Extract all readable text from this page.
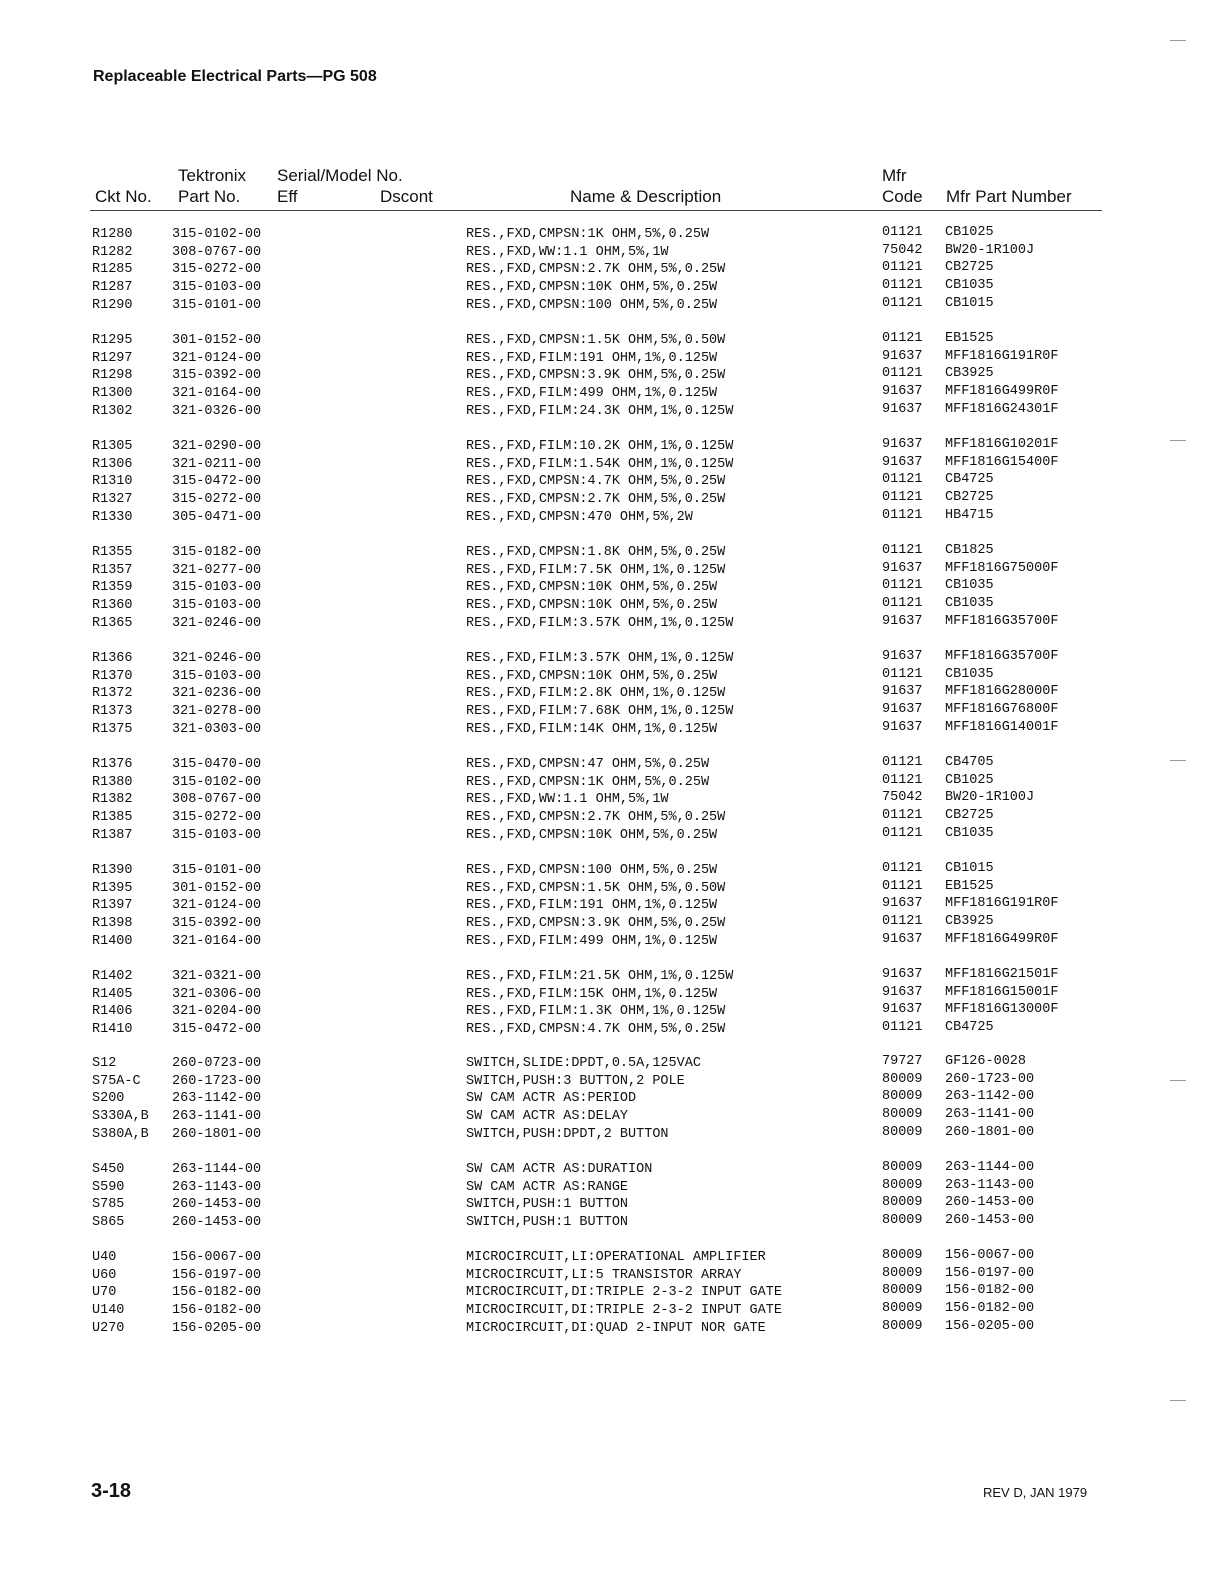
Replaceable Electrical Parts—PG 508
Tektronix Serial/Model No.	Mfr
Ckt No. Part No. Eff	Dscont	Name & Description	Code Mfr Part Number
R1280	315-0102-00	RES.,FXD,CMPSN:1K OHM,5%,0.25W	01121 CB1025
R1282	308-0767-00	RES.,FXD,WW:1.1 OHM,5%,1W	75042 BW20-1R100J
R1285	315-0272-00	RES.,FXD,CMPSN:2.7K OHM,5%,0.25W	01121 CB2725
R1287	315-0103-00	RES.,FXD,CMPSN:10K OHM,5%,0.25W	01121 CB1035
R1290	315-0101-00	RES.,FXD,CMPSN:100 OHM,5%,0.25W	01121 CB1015
R1295	301-0152-00	RES.,FXD,CMPSN:1.5K OHM,5%,0.50W	01121 EB1525
R1297	321-0124-00	RES.,FXD,FILM:191 OHM,1%,0.125W	91637 MFF1816G191R0F
R1298	315-0392-00	RES.,FXD,CMPSN:3.9K OHM,5%,0.25W	01121 CB3925
R1300	321-0164-00	RES.,FXD,FILM:499 OHM,1%,0.125W	91637 MFF1816G499R0F
R1302	321-0326-00	RES.,FXD,FILM:24.3K OHM,1%,0.125W	91637 MFF1816G24301F
R1305	321-0290-00	RES.,FXD,FILM:10.2K OHM,1%,0.125W	91637 MFF1816G10201F
R1306	321-0211-00	RES.,FXD,FILM:1.54K OHM,1%,0.125W	91637 MFF1816G15400F
R1310	315-0472-00	RES.,FXD,CMPSN:4.7K OHM,5%,0.25W	01121 CB4725
R1327	315-0272-00	RES.,FXD,CMPSN:2.7K OHM,5%,0.25W	01121 CB2725
R1330	305-0471-00	RES.,FXD,CMPSN:470 OHM,5%,2W	01121 HB4715
R1355	315-0182-00	RES.,FXD,CMPSN:1.8K OHM,5%,0.25W	01121 CB1825
R1357	321-0277-00	RES.,FXD,FILM:7.5K OHM,1%,0.125W	91637 MFF1816G75000F
R1359	315-0103-00	RES.,FXD,CMPSN:10K OHM,5%,0.25W	01121 CB1035
R1360	315-0103-00	RES.,FXD,CMPSN:10K OHM,5%,0.25W	01121 CB1035
R1365	321-0246-00	RES.,FXD,FILM:3.57K OHM,1%,0.125W	91637 MFF1816G35700F
R1366	321-0246-00	RES.,FXD,FILM:3.57K OHM,1%,0.125W	91637 MFF1816G35700F
R1370	315-0103-00	RES.,FXD,CMPSN:10K OHM,5%,0.25W	01121 CB1035
R1372	321-0236-00	RES.,FXD,FILM:2.8K OHM,1%,0.125W	91637 MFF1816G28000F
R1373	321-0278-00	RES.,FXD,FILM:7.68K OHM,1%,0.125W	91637 MFF1816G76800F
R1375	321-0303-00	RES.,FXD,FILM:14K OHM,1%,0.125W	91637 MFF1816G14001F
R1376	315-0470-00	RES.,FXD,CMPSN:47 OHM,5%,0.25W	01121 CB4705
R1380	315-0102-00	RES.,FXD,CMPSN:1K OHM,5%,0.25W	01121 CB1025
R1382	308-0767-00	RES.,FXD,WW:1.1 OHM,5%,1W	75042 BW20-1R100J
R1385	315-0272-00	RES.,FXD,CMPSN:2.7K OHM,5%,0.25W	01121 CB2725
R1387	315-0103-00	RES.,FXD,CMPSN:10K OHM,5%,0.25W	01121 CB1035
R1390	315-0101-00	RES.,FXD,CMPSN:100 OHM,5%,0.25W	01121 CB1015
R1395	301-0152-00	RES.,FXD,CMPSN:1.5K OHM,5%,0.50W	01121 EB1525
R1397	321-0124-00	RES.,FXD,FILM:191 OHM,1%,0.125W	91637 MFF1816G191R0F
R1398	315-0392-00	RES.,FXD,CMPSN:3.9K OHM,5%,0.25W	01121 CB3925
R1400	321-0164-00	RES.,FXD,FILM:499 OHM,1%,0.125W	91637 MFF1816G499R0F
R1402	321-0321-00	RES.,FXD,FILM:21.5K OHM,1%,0.125W	91637 MFF1816G21501F
R1405	321-0306-00	RES.,FXD,FILM:15K OHM,1%,0.125W	91637 MFF1816G15001F
R1406	321-0204-00	RES.,FXD,FILM:1.3K OHM,1%,0.125W	91637 MFF1816G13000F
R1410	315-0472-00	RES.,FXD,CMPSN:4.7K OHM,5%,0.25W	01121 CB4725
S12	260-0723-00	SWITCH,SLIDE:DPDT,0.5A,125VAC	79727 GF126-0028
S75A-C 260-1723-00	SWITCH,PUSH:3 BUTTON,2 POLE	80009 260-1723-00
S200	263-1142-00	SW CAM ACTR AS:PERIOD	80009 263-1142-00
S330A,B 263-1141-00	SW CAM ACTR AS:DELAY	80009 263-1141-00
S380A,B 260-1801-00	SWITCH,PUSH:DPDT,2 BUTTON	80009 260-1801-00
S450	263-1144-00	SW CAM ACTR AS:DURATION	80009 263-1144-00
S590	263-1143-00	SW CAM ACTR AS:RANGE	80009 263-1143-00
S785	260-1453-00	SWITCH,PUSH:1 BUTTON	80009 260-1453-00
S865	260-1453-00	SWITCH,PUSH:1 BUTTON	80009 260-1453-00
U40	156-0067-00	MICROCIRCUIT,LI:OPERATIONAL AMPLIFIER	80009 156-0067-00
U60	156-0197-00	MICROCIRCUIT,LI:5 TRANSISTOR ARRAY	80009 156-0197-00
U70	156-0182-00	MICROCIRCUIT,DI:TRIPLE 2-3-2 INPUT GATE	80009 156-0182-00
U140	156-0182-00	MICROCIRCUIT,DI:TRIPLE 2-3-2 INPUT GATE	80009 156-0182-00
U270	156-0205-00	MICROCIRCUIT,DI:QUAD 2-INPUT NOR GATE	80009 156-0205-00
3-18	REV D, JAN 1979
